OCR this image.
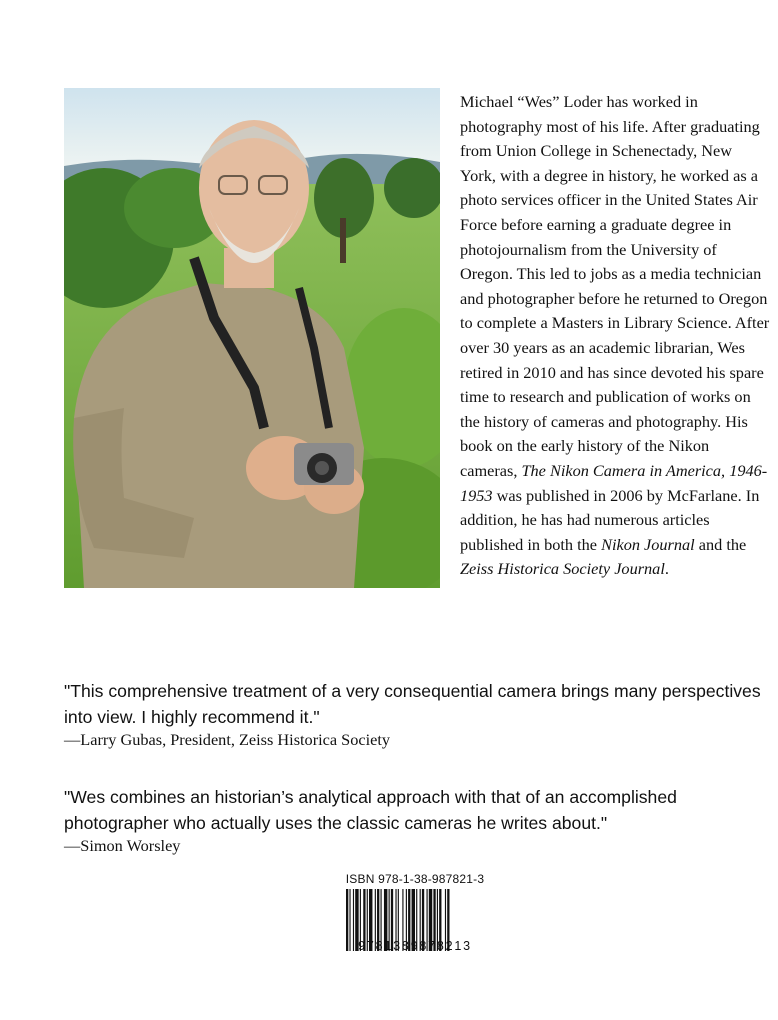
Michael “Wes” Loder has worked in photography most of his life. After graduating from Union College in Schenectady, New York, with a degree in history, he worked as a photo services officer in the United States Air Force before earning a graduate degree in photojournalism from the University of Oregon. This led to jobs as a media technician and photographer before he returned to Oregon to complete a Masters in Library Science. After over 30 years as an academic librarian, Wes retired in 2010 and has since devoted his spare time to research and publication of works on the history of cameras and photography. His book on the early history of the Nikon cameras, The Nikon Camera in America, 1946-1953 was published in 2006 by McFarlane. In addition, he has had numerous articles published in both the Nikon Journal and the Zeiss Historica Society Journal.

"This comprehensive treatment of a very consequential camera brings many perspectives into view. I highly recommend it."

—Larry Gubas, President, Zeiss Historica Society

"Wes combines an historian’s analytical approach with that of an accomplished photographer who actually uses the classic cameras he writes about."

—Simon Worsley
ISBN 978-1-38-987821-3
9781389878213
